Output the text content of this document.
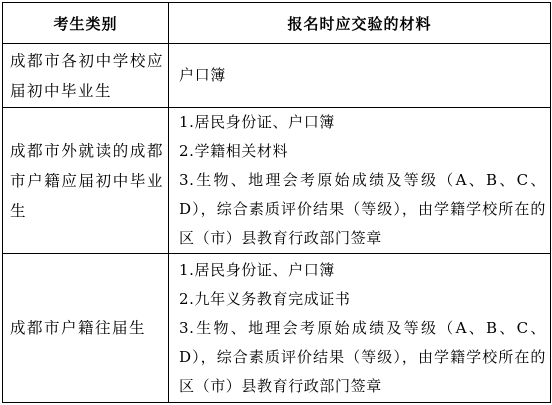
考生类别	报名时应交验的材料
成都市各初中学校应届初中毕业生	户口簿

成都市外就读的成都市户籍应届初中毕业生	1.居民身份证、户口簿
2.学籍相关材料
3.生物、地理会考原始成绩及等级（A、B、C、D），综合素质评价结果（等级），由学籍学校所在的区（市）县教育行政部门签章

成都市户籍往届生	1.居民身份证、户口簿
2.九年义务教育完成证书
3.生物、地理会考原始成绩及等级（A、B、C、D），综合素质评价结果（等级），由学籍学校所在的区（市）县教育行政部门签章
